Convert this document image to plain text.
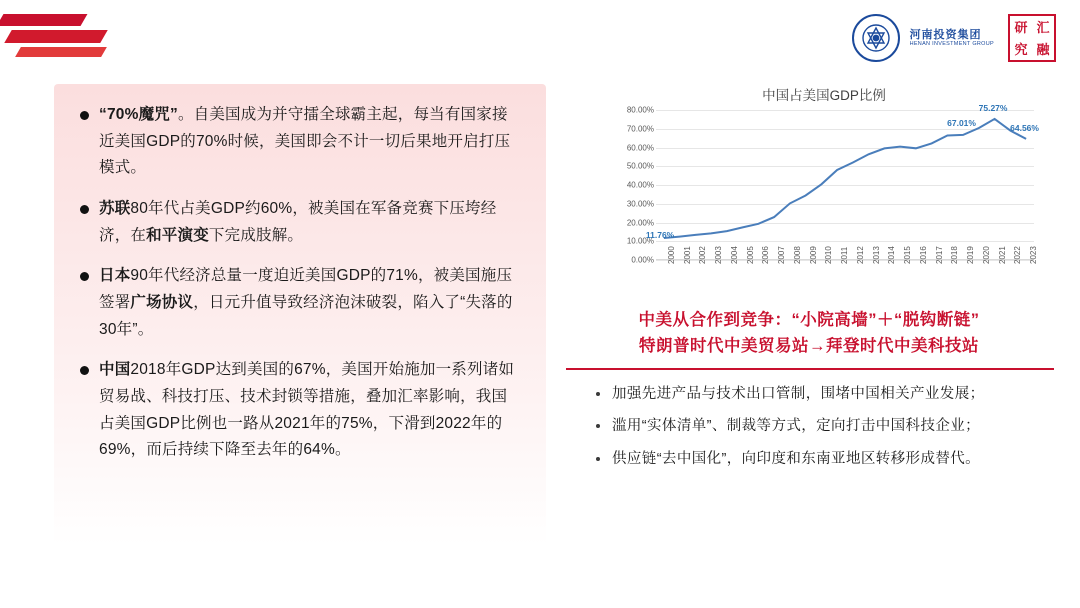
河南投资集团
HENAN INVESTMENT GROUP
研 汇
究 融
“70%魔咒”。自美国成为并守擂全球霸主起，每当有国家接近美国GDP的70%时候，美国即会不计一切后果地开启打压模式。
苏联80年代占美GDP约60%，被美国在军备竞赛下压垮经济，在和平演变下完成肢解。
日本90年代经济总量一度迫近美国GDP的71%，被美国施压签署广场协议，日元升值导致经济泡沫破裂，陷入了“失落的30年”。
中国2018年GDP达到美国的67%，美国开始施加一系列诸如贸易战、科技打压、技术封锁等措施，叠加汇率影响，我国占美国GDP比例也一路从2021年的75%，下滑到2022年的69%，而后持续下降至去年的64%。
中国占美国GDP比例
0.00%
10.00%
20.00%
30.00%
40.00%
50.00%
60.00%
70.00%
80.00%
2000 2001 2002 2003 2004 2005 2006 2007 2008 2009 2010 2011 2012 2013 2014 2015 2016 2017 2018 2019 2020 2021 2022 2023
11.76%
67.01%
75.27%
64.56%
中美从合作到竞争：“小院高墙”＋“脱钩断链”
特朗普时代中美贸易站→拜登时代中美科技站
加强先进产品与技术出口管制，围堵中国相关产业发展；
滥用“实体清单”、制裁等方式，定向打击中国科技企业；
供应链“去中国化”，向印度和东南亚地区转移形成替代。
